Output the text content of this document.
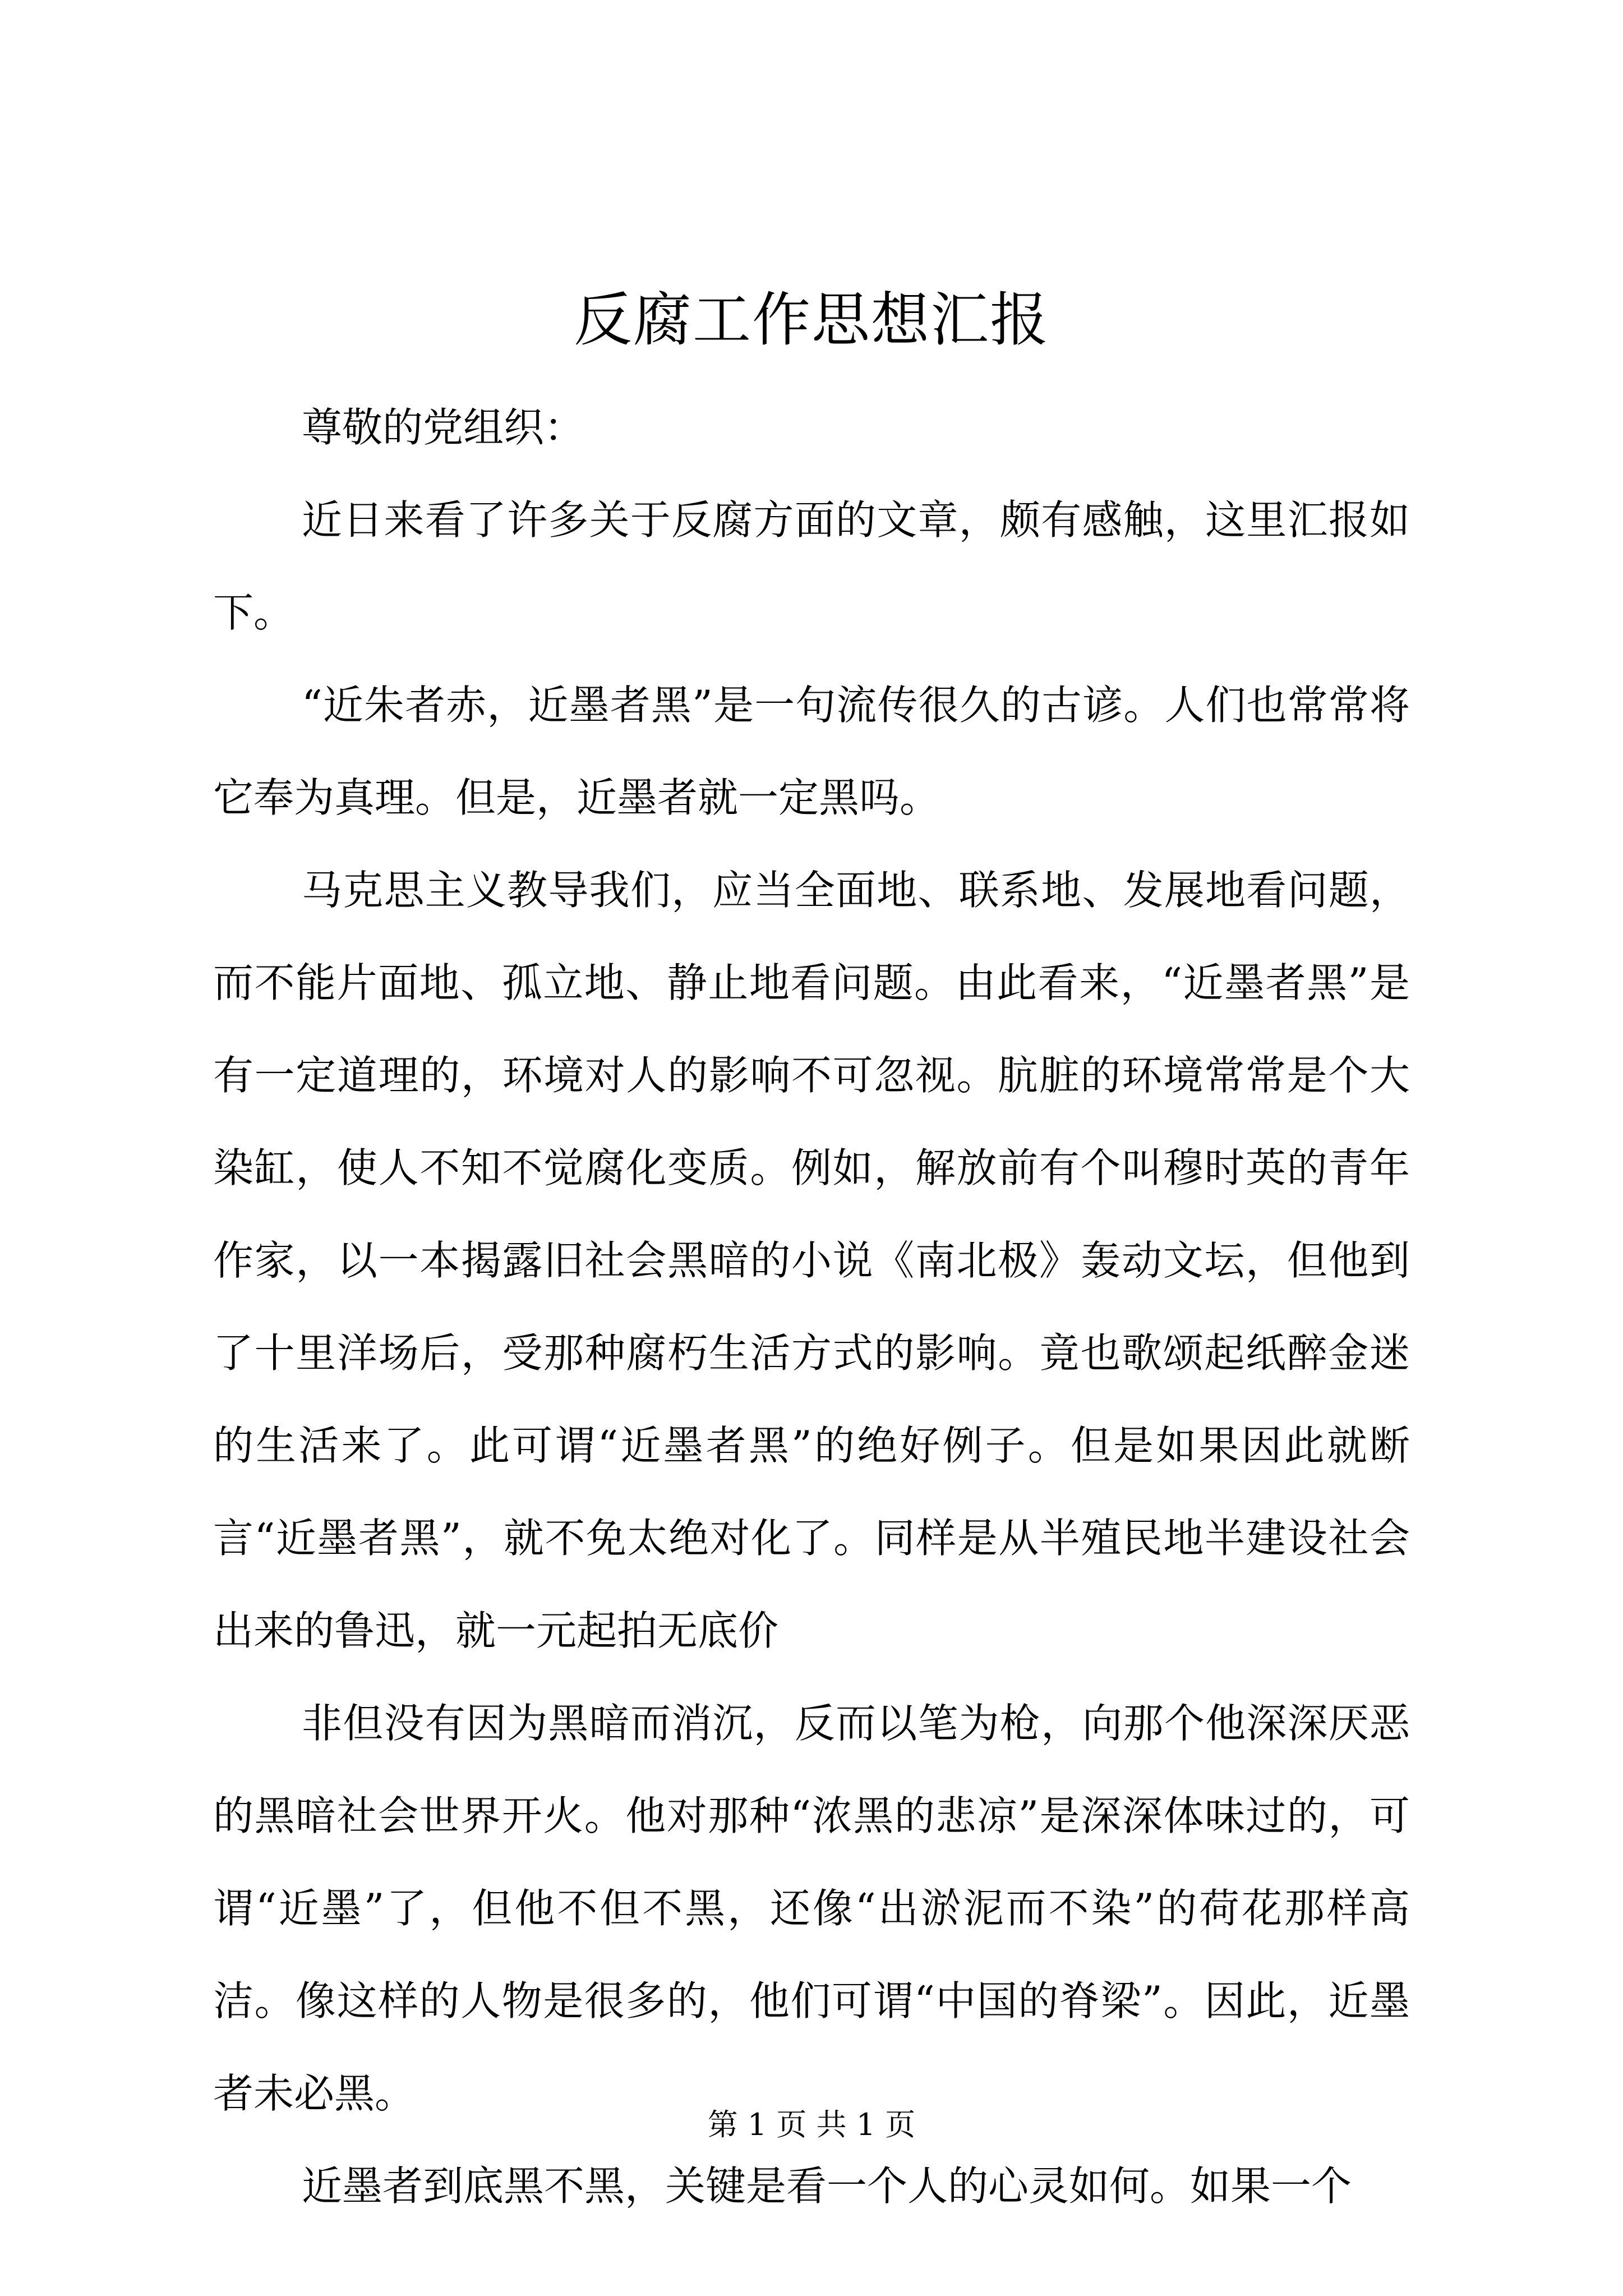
反腐工作思想汇报

尊敬的党组织：

近日来看了许多关于反腐方面的文章，颇有感触，这里汇报如下。

“近朱者赤，近墨者黑”是一句流传很久的古谚。人们也常常将它奉为真理。但是，近墨者就一定黑吗。

马克思主义教导我们，应当全面地、联系地、发展地看问题，而不能片面地、孤立地、静止地看问题。由此看来，“近墨者黑”是有一定道理的，环境对人的影响不可忽视。肮脏的环境常常是个大染缸，使人不知不觉腐化变质。例如，解放前有个叫穆时英的青年作家，以一本揭露旧社会黑暗的小说《南北极》轰动文坛，但他到了十里洋场后，受那种腐朽生活方式的影响。竟也歌颂起纸醉金迷的生活来了。此可谓“近墨者黑”的绝好例子。但是如果因此就断言“近墨者黑”，就不免太绝对化了。同样是从半殖民地半建设社会出来的鲁迅，就一元起拍无底价

非但没有因为黑暗而消沉，反而以笔为枪，向那个他深深厌恶的黑暗社会世界开火。他对那种“浓黑的悲凉”是深深体味过的，可谓“近墨”了，但他不但不黑，还像“出淤泥而不染”的荷花那样高洁。像这样的人物是很多的，他们可谓“中国的脊梁”。因此，近墨者未必黑。

近墨者到底黑不黑，关键是看一个人的心灵如何。如果一个

第 1 页 共 1 页
